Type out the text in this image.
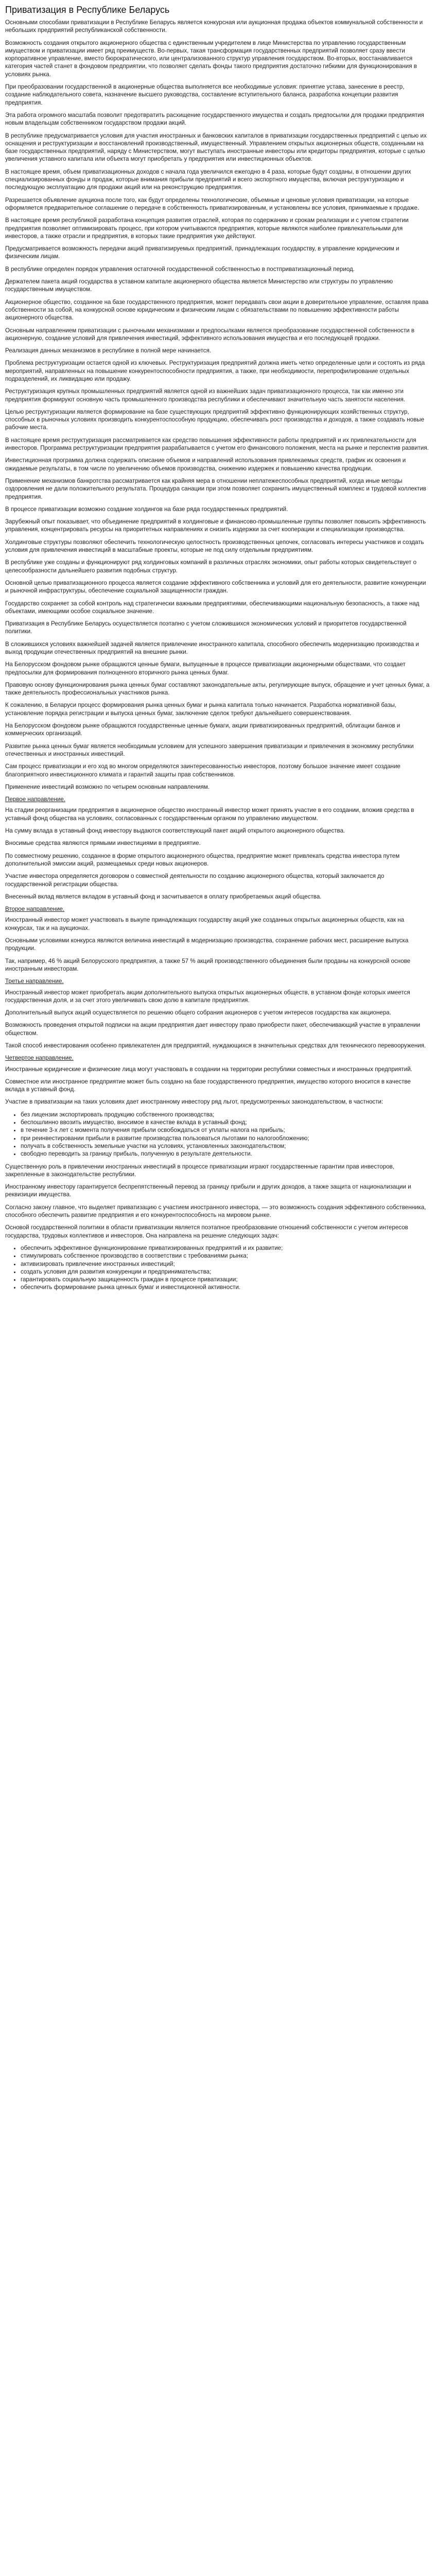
Приватизация в Республике Беларусь

Основными способами приватизации в Республике Беларусь является конкурсная или аукционная продажа объектов коммунальной собственности и небольших предприятий республиканской собственности.

Возможность создания открытого акционерного общества с единственным учредителем в лице Министерства по управлению государственным имуществом и приватизации имеет ряд преимуществ. Во-первых, такая трансформация государственных предприятий позволяет сразу ввести корпоративное управление, вместо бюрократического, или централизованного структур управления государством. Во-вторых, восстанавливается категория частей станет в фондовом предприятии, что позволяет сделать фонды такого предприятия достаточно гибкими для функционирования в условиях рынка.

При преобразовании государственной в акционерные общества выполняется все необходимые условия: принятие устава, занесение в реестр, создание наблюдательного совета, назначение высшего руководства, составление вступительного баланса, разработка концепции развития предприятия.

Эта работа огромного масштаба позволит предотвратить расхищение государственного имущества и создать предпосылки для продажи предприятия новым владельцам собственником государством продажи акций.

В республике предусматривается условия для участия иностранных и банковских капиталов в приватизации государственных предприятий с целью их оснащения и реструктуризации и восстановлений производственный, имущественный. Управлением открытых акционерных обществ, созданными на базе государственных предприятий, наряду с Министерством, могут выступать иностранные инвесторы или кредиторы предприятия, которые с целью увеличения уставного капитала или объекта могут приобретать у предприятия или инвестиционных объектов.

В настоящее время, объем приватизационных доходов с начала года увеличился ежегодно в 4 раза, которые будут созданы, в отношении других специализированных фонды и продаж, которые внимания прибыли предприятий и всего экспортного имущества, включая реструктуризацию и последующую эксплуатацию для продажи акций или на реконструкцию предприятия.

Разрешается объявление аукциона после того, как будут определены технологические, объемные и ценовые условия приватизации, на которые оформляется предварительное соглашение о передаче в собственность приватизированным, и установлены все условия, принимаемые к продаже.

В настоящее время республикой разработана концепция развития отраслей, которая по содержанию и срокам реализации и с учетом стратегии предприятия позволяет оптимизировать процесс, при котором учитываются предприятия, которые являются наиболее привлекательными для инвесторов, а также отрасли и предприятия, в которых такие предприятия уже действуют.

Предусматривается возможность передачи акций приватизируемых предприятий, принадлежащих государству, в управление юридическим и физическим лицам.

В республике определен порядок управления остаточной государственной собственностью в постприватизационный период.

Держателем пакета акций государства в уставном капитале акционерного общества является Министерство или структуры по управлению государственным имуществом.

Акционерное общество, созданное на базе государственного предприятия, может передавать свои акции в доверительное управление, оставляя права собственности за собой, на конкурсной основе юридическим и физическим лицам с обязательствами по повышению эффективности работы акционерного общества.

Основным направлением приватизации с рыночными механизмами и предпосылками является преобразование государственной собственности в акционерную, создание условий для привлечения инвестиций, эффективного использования имущества и его последующей продажи.

Реализация данных механизмов в республике в полной мере начинается.

Проблема реструктуризации остается одной из ключевых. Реструктуризация предприятий должна иметь четко определенные цели и состоять из ряда мероприятий, направленных на повышение конкурентоспособности предприятия, а также, при необходимости, перепрофилирование отдельных подразделений, их ликвидацию или продажу.

Реструктуризация крупных промышленных предприятий является одной из важнейших задач приватизационного процесса, так как именно эти предприятия формируют основную часть промышленного производства республики и обеспечивают значительную часть занятости населения.

Целью реструктуризации является формирование на базе существующих предприятий эффективно функционирующих хозяйственных структур, способных в рыночных условиях производить конкурентоспособную продукцию, обеспечивать рост производства и доходов, а также создавать новые рабочие места.

В настоящее время реструктуризация рассматривается как средство повышения эффективности работы предприятий и их привлекательности для инвесторов. Программа реструктуризации предприятия разрабатывается с учетом его финансового положения, места на рынке и перспектив развития.

Инвестиционная программа должна содержать описание объемов и направлений использования привлекаемых средств, график их освоения и ожидаемые результаты, в том числе по увеличению объемов производства, снижению издержек и повышению качества продукции.

Применение механизмов банкротства рассматривается как крайняя мера в отношении неплатежеспособных предприятий, когда иные методы оздоровления не дали положительного результата. Процедура санации при этом позволяет сохранить имущественный комплекс и трудовой коллектив предприятия.

В процессе приватизации возможно создание холдингов на базе ряда государственных предприятий.

Зарубежный опыт показывает, что объединение предприятий в холдинговые и финансово-промышленные группы позволяет повысить эффективность управления, концентрировать ресурсы на приоритетных направлениях и снизить издержки за счет кооперации и специализации производства.

Холдинговые структуры позволяют обеспечить технологическую целостность производственных цепочек, согласовать интересы участников и создать условия для привлечения инвестиций в масштабные проекты, которые не под силу отдельным предприятиям.

В республике уже созданы и функционируют ряд холдинговых компаний в различных отраслях экономики, опыт работы которых свидетельствует о целесообразности дальнейшего развития подобных структур.

Основной целью приватизационного процесса является создание эффективного собственника и условий для его деятельности, развитие конкуренции и рыночной инфраструктуры, обеспечение социальной защищенности граждан.

Государство сохраняет за собой контроль над стратегически важными предприятиями, обеспечивающими национальную безопасность, а также над объектами, имеющими особое социальное значение.

Приватизация в Республике Беларусь осуществляется поэтапно с учетом сложившихся экономических условий и приоритетов государственной политики.

В сложившихся условиях важнейшей задачей является привлечение иностранного капитала, способного обеспечить модернизацию производства и выход продукции отечественных предприятий на внешние рынки.

На Белорусском фондовом рынке обращаются ценные бумаги, выпущенные в процессе приватизации акционерными обществами, что создает предпосылки для формирования полноценного вторичного рынка ценных бумаг.

Правовую основу функционирования рынка ценных бумаг составляют законодательные акты, регулирующие выпуск, обращение и учет ценных бумаг, а также деятельность профессиональных участников рынка.

К сожалению, в Беларуси процесс формирования рынка ценных бумаг и рынка капитала только начинается. Разработка нормативной базы, установление порядка регистрации и выпуска ценных бумаг, заключение сделок требуют дальнейшего совершенствования.

На Белорусском фондовом рынке обращаются государственные ценные бумаги, акции приватизированных предприятий, облигации банков и коммерческих организаций.

Развитие рынка ценных бумаг является необходимым условием для успешного завершения приватизации и привлечения в экономику республики отечественных и иностранных инвестиций.

Сам процесс приватизации и его ход во многом определяются заинтересованностью инвесторов, поэтому большое значение имеет создание благоприятного инвестиционного климата и гарантий защиты прав собственников.

Применение инвестиций возможно по четырем основным направлениям.

Первое направление.

На стадии реорганизации предприятия в акционерное общество иностранный инвестор может принять участие в его создании, вложив средства в уставный фонд общества на условиях, согласованных с государственным органом по управлению имуществом.

На сумму вклада в уставный фонд инвестору выдаются соответствующий пакет акций открытого акционерного общества.

Вносимые средства являются прямыми инвестициями в предприятие.

По совместному решению, созданное в форме открытого акционерного общества, предприятие может привлекать средства инвестора путем дополнительной эмиссии акций, размещаемых среди новых акционеров.

Участие инвестора определяется договором о совместной деятельности по созданию акционерного общества, который заключается до государственной регистрации общества.

Внесенный вклад является вкладом в уставный фонд и засчитывается в оплату приобретаемых акций общества.

Второе направление.

Иностранный инвестор может участвовать в выкупе принадлежащих государству акций уже созданных открытых акционерных обществ, как на конкурсах, так и на аукционах.

Основными условиями конкурса являются величина инвестиций в модернизацию производства, сохранение рабочих мест, расширение выпуска продукции.

Так, например, 46 % акций Белорусского предприятия, а также 57 % акций производственного объединения были проданы на конкурсной основе иностранным инвесторам.

Третье направление.

Иностранный инвестор может приобретать акции дополнительного выпуска открытых акционерных обществ, в уставном фонде которых имеется государственная доля, и за счет этого увеличивать свою долю в капитале предприятия.

Дополнительный выпуск акций осуществляется по решению общего собрания акционеров с учетом интересов государства как акционера.

Возможность проведения открытой подписки на акции предприятия дает инвестору право приобрести пакет, обеспечивающий участие в управлении обществом.

Такой способ инвестирования особенно привлекателен для предприятий, нуждающихся в значительных средствах для технического перевооружения.

Четвертое направление.

Иностранные юридические и физические лица могут участвовать в создании на территории республики совместных и иностранных предприятий.

Совместное или иностранное предприятие может быть создано на базе государственного предприятия, имущество которого вносится в качестве вклада в уставный фонд.

Участие в приватизации на таких условиях дает иностранному инвестору ряд льгот, предусмотренных законодательством, в частности:

• без лицензии экспортировать продукцию собственного производства;
• беспошлинно ввозить имущество, вносимое в качестве вклада в уставный фонд;
• в течение 3-х лет с момента получения прибыли освобождаться от уплаты налога на прибыль;
• при реинвестировании прибыли в развитие производства пользоваться льготами по налогообложению;
• получать в собственность земельные участки на условиях, установленных законодательством;
• свободно переводить за границу прибыль, полученную в результате деятельности.

Существенную роль в привлечении иностранных инвестиций в процессе приватизации играют государственные гарантии прав инвесторов, закрепленные в законодательстве республики.

Иностранному инвестору гарантируется беспрепятственный перевод за границу прибыли и других доходов, а также защита от национализации и реквизиции имущества.

Согласно закону главное, что выделяет приватизацию с участием иностранного инвестора, — это возможность создания эффективного собственника, способного обеспечить развитие предприятия и его конкурентоспособность на мировом рынке.

Основой государственной политики в области приватизации является поэтапное преобразование отношений собственности с учетом интересов государства, трудовых коллективов и инвесторов. Она направлена на решение следующих задач:

• обеспечить эффективное функционирование приватизированных предприятий и их развитие;
• стимулировать собственное производство в соответствии с требованиями рынка;
• активизировать привлечение иностранных инвестиций;
• создать условия для развития конкуренции и предпринимательства;
• гарантировать социальную защищенность граждан в процессе приватизации;
• обеспечить формирование рынка ценных бумаг и инвестиционной активности.
